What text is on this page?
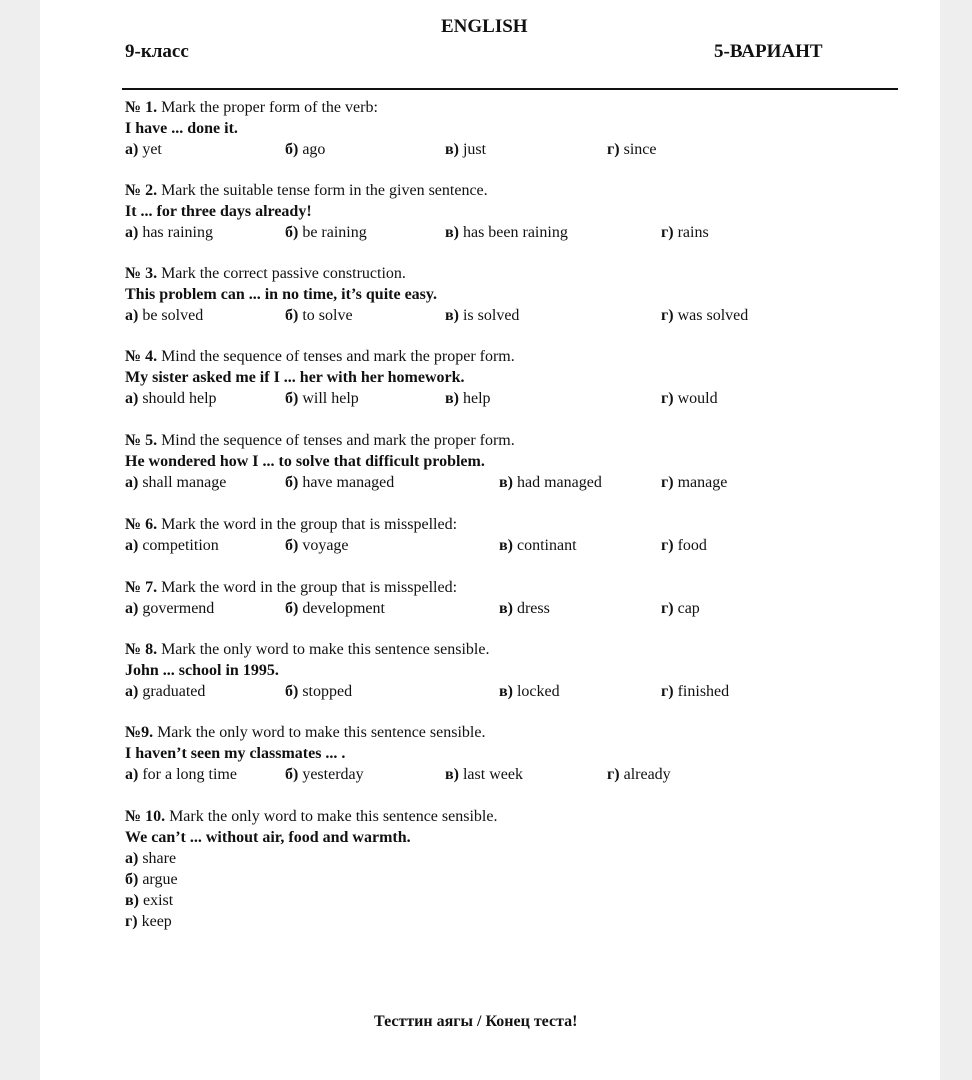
ENGLISH
9-класс	5-ВАРИАНТ
№ 1. Mark the proper form of the verb:
I have ... done it.
а) yet	б) ago	в) just	г) since
№ 2. Mark the suitable tense form in the given sentence.
It ... for three days already!
а) has raining	б) be raining	в) has been raining	г) rains
№ 3. Mark the correct passive construction.
This problem can ... in no time, it’s quite easy.
а) be solved	б) to solve	в) is solved	г) was solved
№ 4. Mind the sequence of tenses and mark the proper form.
My sister asked me if I ... her with her homework.
а) should help	б) will help	в) help	г) would
№ 5. Mind the sequence of tenses and mark the proper form.
He wondered how I ... to solve that difficult problem.
а) shall manage	б) have managed	в) had managed	г) manage
№ 6. Mark the word in the group that is misspelled:
а) competition	б) voyage	в) continant	г) food
№ 7. Mark the word in the group that is misspelled:
а) govermend	б) development	в) dress	г) cap
№ 8. Mark the only word to make this sentence sensible.
John ... school in 1995.
а) graduated	б) stopped	в) locked	г) finished
№9. Mark the only word to make this sentence sensible.
I haven’t seen my classmates ... .
а) for a long time	б) yesterday	в) last week	г) already
№ 10. Mark the only word to make this sentence sensible.
We can’t ... without air, food and warmth.
а) share
б) argue
в) exist
г) keep
Тесттин аягы / Конец теста!
